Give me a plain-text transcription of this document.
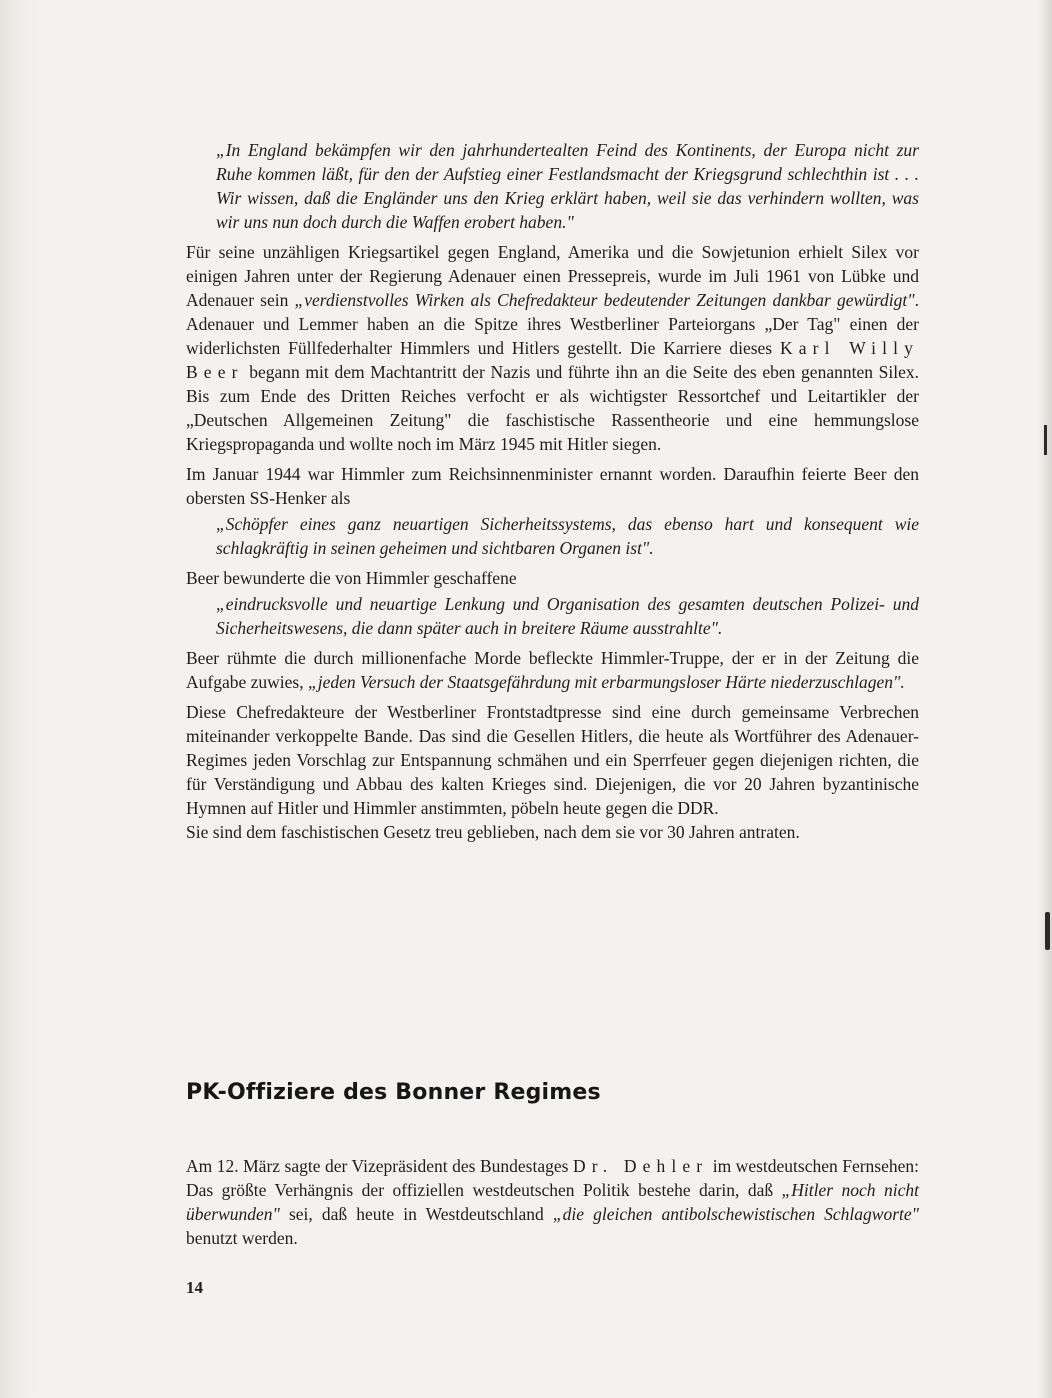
„In England bekämpfen wir den jahrhundertealten Feind des Kontinents, der Europa nicht zur Ruhe kommen läßt, für den der Aufstieg einer Festlandsmacht der Kriegsgrund schlechthin ist . . . Wir wissen, daß die Engländer uns den Krieg erklärt haben, weil sie das verhindern wollten, was wir uns nun doch durch die Waffen erobert haben."
Für seine unzähligen Kriegsartikel gegen England, Amerika und die Sowjetunion erhielt Silex vor einigen Jahren unter der Regierung Adenauer einen Pressepreis, wurde im Juli 1961 von Lübke und Adenauer sein „verdienstvolles Wirken als Chefredakteur bedeutender Zeitungen dankbar gewürdigt". Adenauer und Lemmer haben an die Spitze ihres Westberliner Parteiorgans „Der Tag" einen der widerlichsten Füllfederhalter Himmlers und Hitlers gestellt. Die Karriere dieses Karl Willy Beer begann mit dem Machtantritt der Nazis und führte ihn an die Seite des eben genannten Silex. Bis zum Ende des Dritten Reiches verfocht er als wichtigster Ressortchef und Leitartikler der „Deutschen Allgemeinen Zeitung" die faschistische Rassentheorie und eine hemmungslose Kriegspropaganda und wollte noch im März 1945 mit Hitler siegen.
Im Januar 1944 war Himmler zum Reichsinnenminister ernannt worden. Daraufhin feierte Beer den obersten SS-Henker als
„Schöpfer eines ganz neuartigen Sicherheitssystems, das ebenso hart und konsequent wie schlagkräftig in seinen geheimen und sichtbaren Organen ist".
Beer bewunderte die von Himmler geschaffene
„eindrucksvolle und neuartige Lenkung und Organisation des gesamten deutschen Polizei- und Sicherheitswesens, die dann später auch in breitere Räume ausstrahlte".
Beer rühmte die durch millionenfache Morde befleckte Himmler-Truppe, der er in der Zeitung die Aufgabe zuwies, „jeden Versuch der Staatsgefährdung mit erbarmungsloser Härte niederzuschlagen".
Diese Chefredakteure der Westberliner Frontstadtpresse sind eine durch gemeinsame Verbrechen miteinander verkoppelte Bande. Das sind die Gesellen Hitlers, die heute als Wortführer des Adenauer-Regimes jeden Vorschlag zur Entspannung schmähen und ein Sperrfeuer gegen diejenigen richten, die für Verständigung und Abbau des kalten Krieges sind. Diejenigen, die vor 20 Jahren byzantinische Hymnen auf Hitler und Himmler anstimmten, pöbeln heute gegen die DDR.
Sie sind dem faschistischen Gesetz treu geblieben, nach dem sie vor 30 Jahren antraten.
PK-Offiziere des Bonner Regimes
Am 12. März sagte der Vizepräsident des Bundestages Dr. Dehler im westdeutschen Fernsehen: Das größte Verhängnis der offiziellen westdeutschen Politik bestehe darin, daß „Hitler noch nicht überwunden" sei, daß heute in Westdeutschland „die gleichen antibolschewistischen Schlagworte" benutzt werden.
14
